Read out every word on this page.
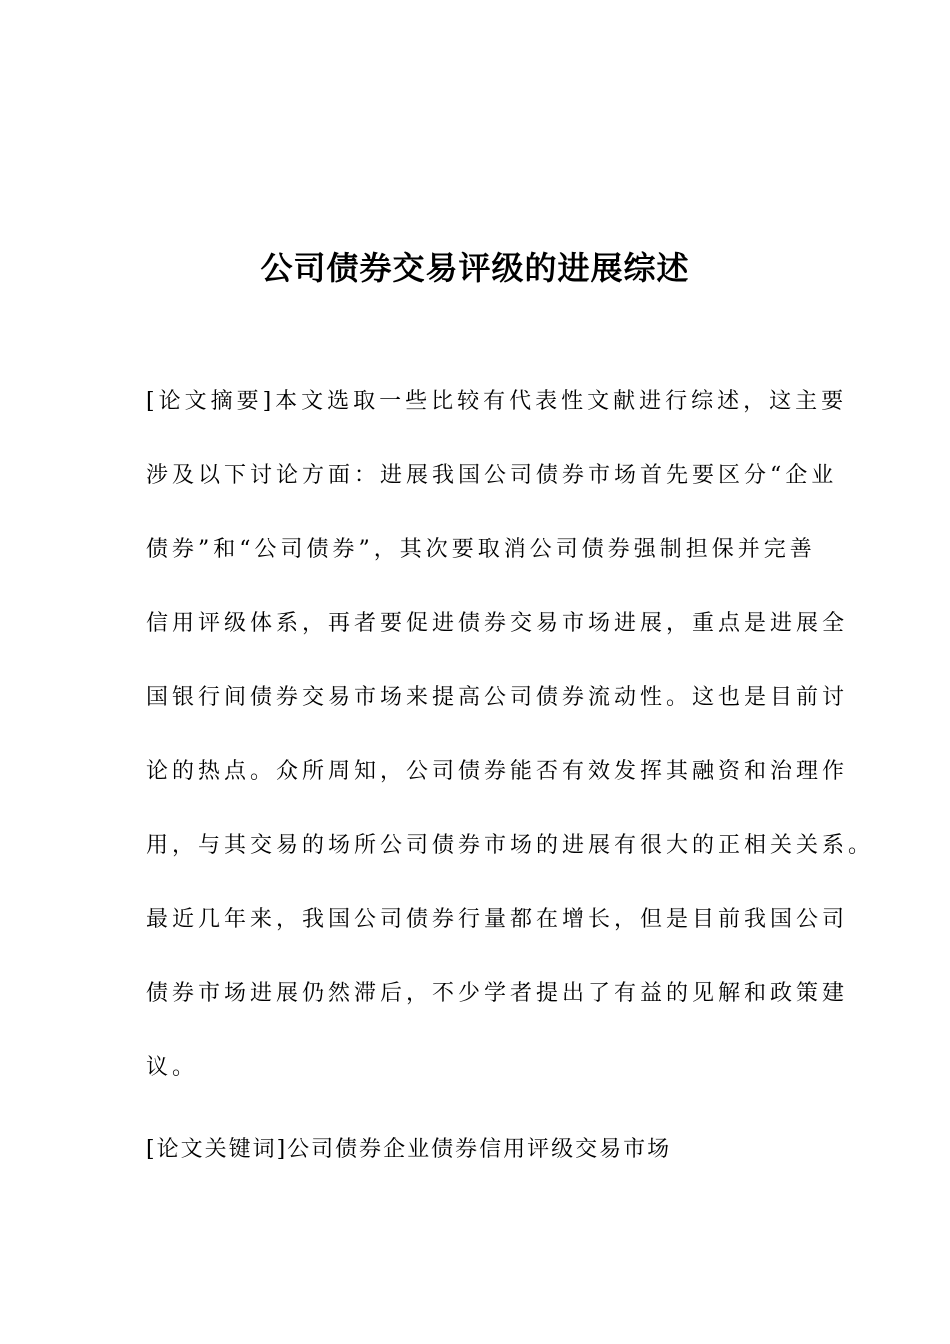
公司债券交易评级的进展综述
[论文摘要]本文选取一些比较有代表性文献进行综述，这主要
涉及以下讨论方面：进展我国公司债券市场首先要区分“企业
债券”和“公司债券”，其次要取消公司债券强制担保并完善
信用评级体系，再者要促进债券交易市场进展，重点是进展全
国银行间债券交易市场来提高公司债券流动性。这也是目前讨
论的热点。众所周知，公司债券能否有效发挥其融资和治理作
用，与其交易的场所公司债券市场的进展有很大的正相关关系。
最近几年来，我国公司债券行量都在增长，但是目前我国公司
债券市场进展仍然滞后，不少学者提出了有益的见解和政策建
议。
[论文关键词]公司债券企业债券信用评级交易市场
